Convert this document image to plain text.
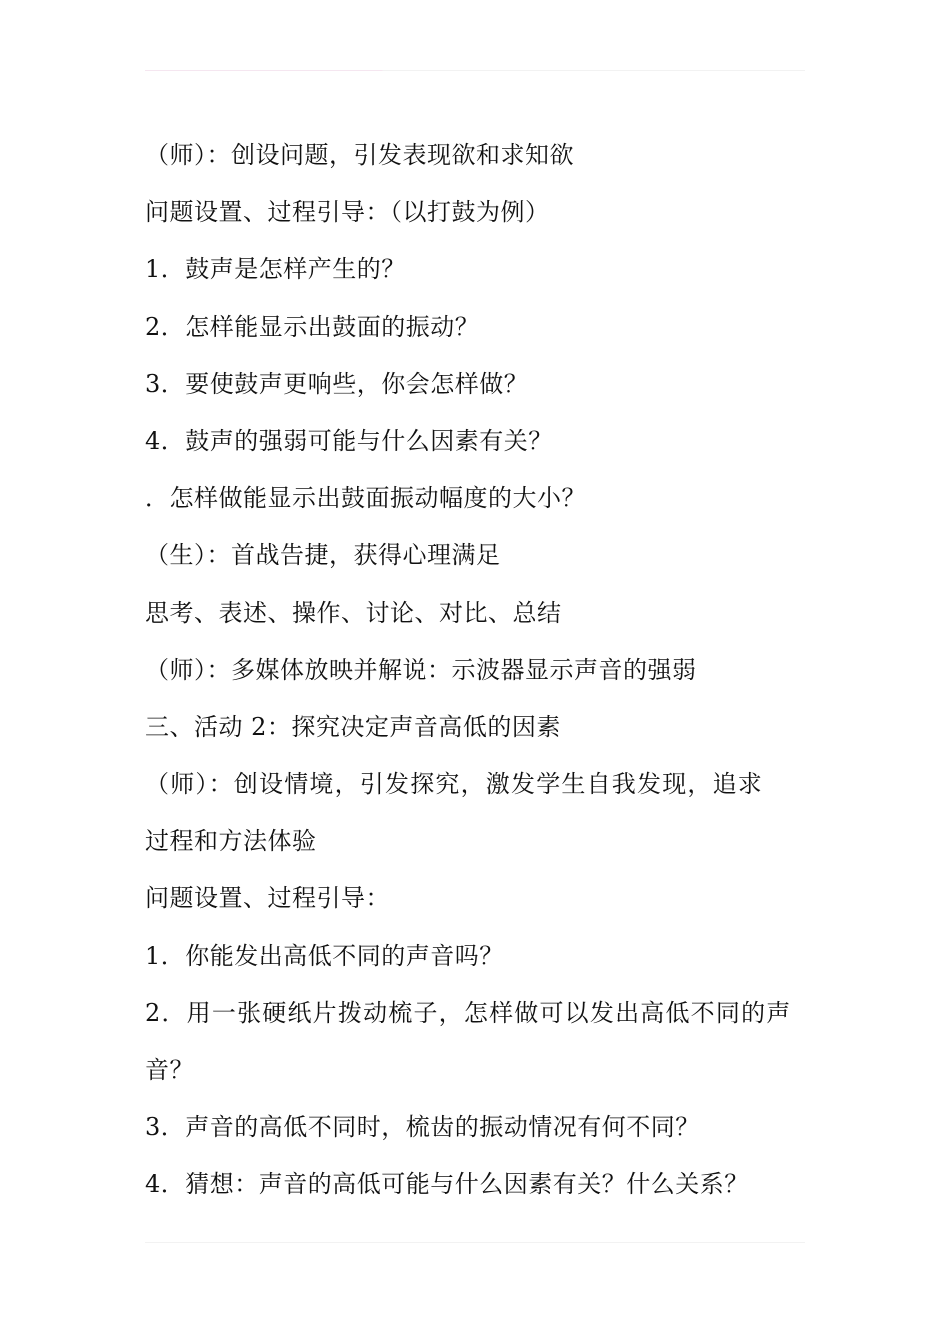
（师）：创设问题，引发表现欲和求知欲
问题设置、过程引导：（以打鼓为例）
1．鼓声是怎样产生的？
2．怎样能显示出鼓面的振动？
3．要使鼓声更响些，你会怎样做？
4．鼓声的强弱可能与什么因素有关？
．怎样做能显示出鼓面振动幅度的大小？
（生）：首战告捷，获得心理满足
思考、表述、操作、讨论、对比、总结
（师）：多媒体放映并解说：示波器显示声音的强弱
三、活动 2：探究决定声音高低的因素
（师）：创设情境，引发探究，激发学生自我发现，追求
过程和方法体验
问题设置、过程引导：
1．你能发出高低不同的声音吗？
2．用一张硬纸片拨动梳子，怎样做可以发出高低不同的声
音？
3．声音的高低不同时，梳齿的振动情况有何不同？
4．猜想：声音的高低可能与什么因素有关？什么关系？
